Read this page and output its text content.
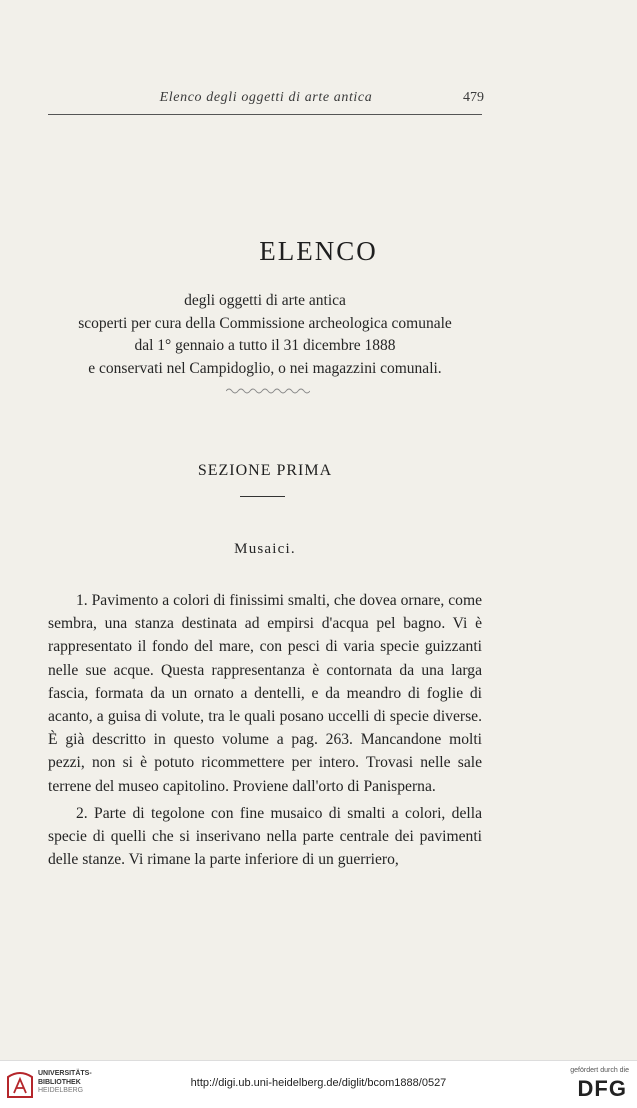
Elenco degli oggetti di arte antica	479
ELENCO
degli oggetti di arte antica
scoperti per cura della Commissione archeologica comunale
dal 1° gennaio a tutto il 31 dicembre 1888
e conservati nel Campidoglio, o nei magazzini comunali.
SEZIONE PRIMA
Musaici.

1. Pavimento a colori di finissimi smalti, che dovea ornare, come sembra, una stanza destinata ad empirsi d'acqua pel bagno. Vi è rappresentato il fondo del mare, con pesci di varia specie guizzanti nelle sue acque. Questa rappresentanza è contornata da una larga fascia, formata da un ornato a dentelli, e da meandro di foglie di acanto, a guisa di volute, tra le quali posano uccelli di specie diverse. È già descritto in questo volume a pag. 263. Mancandone molti pezzi, non si è potuto ricommettere per intero. Trovasi nelle sale terrene del museo capitolino. Proviene dall'orto di Panisperna.

2. Parte di tegolone con fine musaico di smalti a colori, della specie di quelli che si inserivano nella parte centrale dei pavimenti delle stanze. Vi rimane la parte inferiore di un guerriero,

UNIVERSITÄTS-
BIBLIOTHEK
HEIDELBERG
http://digi.ub.uni-heidelberg.de/diglit/bcom1888/0527
gefördert durch die
DFG
